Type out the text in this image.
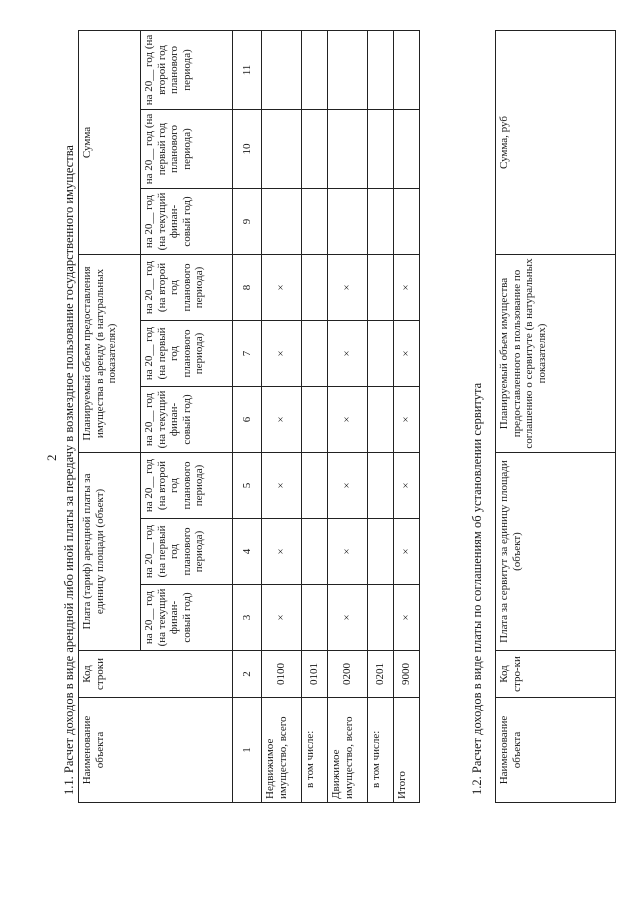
2 1.1. Расчет доходов в виде арендной либо иной платы за передачу в возмездное пользование государственного имущества Наименование объекта	Код строки	Плата (тариф) арендной платы за единицу площади (объект)			Планируемый объем предоставления имущества в аренду (в натуральных показателях)			Сумма		
		на 20__ год (на текущий финан-совый год)	на 20__ год (на первый год планового периода)	на 20__ год (на второй год планового периода)	на 20__ год (на текущий финан-совый год)	на 20__ год (на первый год планового периода)	на 20__ год (на второй год планового периода)	на 20__ год (на текущий финан-совый год)	на 20__ год (на первый год планового периода)	на 20__ год (на второй год планового периода)
1	2	3	4	5	6	7	8	9	10	11
Недвижимое имущество, всего	0100	×	×	×	×	×	×			
в том числе:	0101									
Движимое имущество, всего	0200	×	×	×	×	×	×			
в том числе:	0201									
Итого	9000	×	×	×	×	×	×			
1.2. Расчет доходов в виде платы по соглашениям об установлении сервитута Наименование объекта	Код стро-ки	Плата за сервитут за единицу площади (объект)	Планируемый объем имущества предоставленного в пользование по соглашению о сервитуте (в натуральных показателях)	Сумма, руб
